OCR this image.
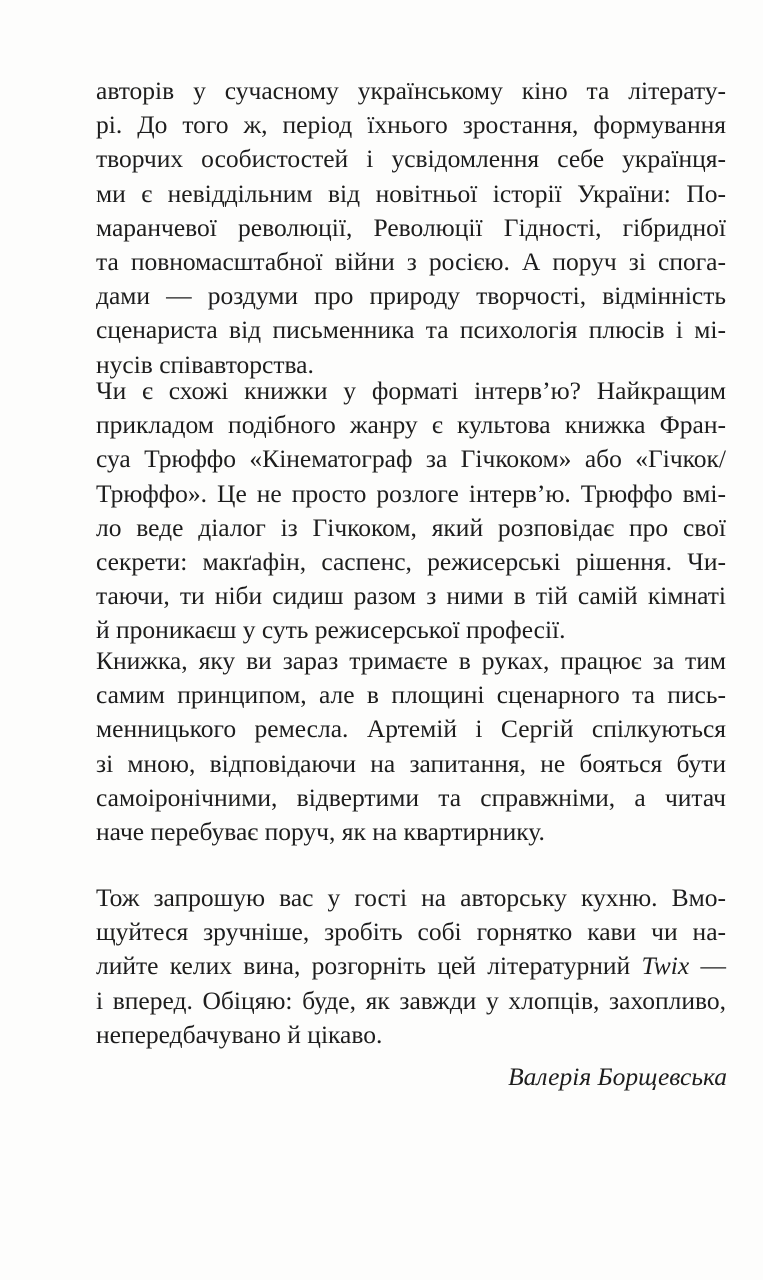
авторів у сучасному українському кіно та літерату-
рі. До того ж, період їхнього зростання, формування
творчих особистостей і усвідомлення себе українця-
ми є невіддільним від новітньої історії України: По-
маранчевої революції, Революції Гідності, гібридної
та повномасштабної війни з росією. А поруч зі спога-
дами — роздуми про природу творчості, відмінність
сценариста від письменника та психологія плюсів і мі-
нусів співавторства.
Чи є схожі книжки у форматі інтерв’ю? Найкращим
прикладом подібного жанру є культова книжка Фран-
суа Трюффо «Кінематограф за Гічкоком» або «Гічкок/
Трюффо». Це не просто розлоге інтерв’ю. Трюффо вмі-
ло веде діалог із Гічкоком, який розповідає про свої
секрети: макґафін, саспенс, режисерські рішення. Чи-
таючи, ти ніби сидиш разом з ними в тій самій кімнаті
й проникаєш у суть режисерської професії.
Книжка, яку ви зараз тримаєте в руках, працює за тим
самим принципом, але в площині сценарного та пись-
менницького ремесла. Артемій і Сергій спілкуються
зі мною, відповідаючи на запитання, не бояться бути
самоіронічними, відвертими та справжніми, а читач
наче перебуває поруч, як на квартирнику.
Тож запрошую вас у гості на авторську кухню. Вмо-
щуйтеся зручніше, зробіть собі горнятко кави чи на-
лийте келих вина, розгорніть цей літературний Twix —
і вперед. Обіцяю: буде, як завжди у хлопців, захопливо,
непередбачувано й цікаво.
Валерія Борщевська
